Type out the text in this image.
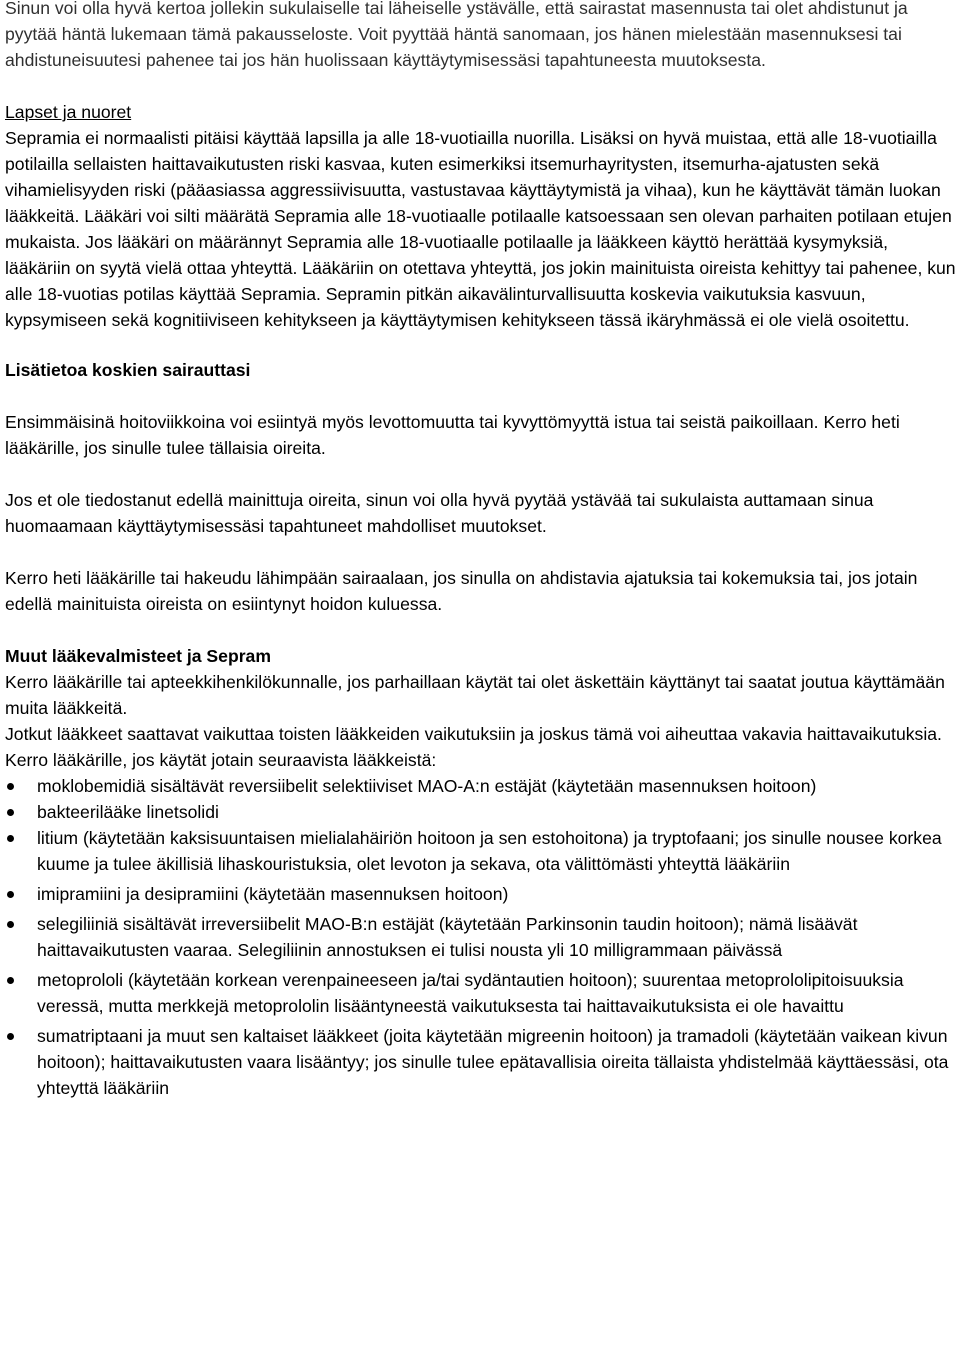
Sinun voi olla hyvä kertoa jollekin sukulaiselle tai läheiselle ystävälle, että sairastat masennusta tai olet ahdistunut ja pyytää häntä lukemaan tämä pakausseloste. Voit pyyttää häntä sanomaan, jos hänen mielestään masennuksesi tai ahdistuneisuutesi pahenee tai jos hän huolissaan käyttäytymisessäsi tapahtuneesta muutoksesta.

Lapset ja nuoret

Sepramia ei normaalisti pitäisi käyttää lapsilla ja alle 18-vuotiailla nuorilla. Lisäksi on hyvä muistaa, että alle 18-vuotiailla potilailla sellaisten haittavaikutusten riski kasvaa, kuten esimerkiksi itsemurhayritysten, itsemurha-ajatusten sekä vihamielisyyden riski (pääasiassa aggressiivisuutta, vastustavaa käyttäytymistä ja vihaa), kun he käyttävät tämän luokan lääkkeitä. Lääkäri voi silti määrätä Sepramia alle 18-vuotiaalle potilaalle katsoessaan sen olevan parhaiten potilaan etujen mukaista. Jos lääkäri on määrännyt Sepramia alle 18-vuotiaalle potilaalle ja lääkkeen käyttö herättää kysymyksiä, lääkäriin on syytä vielä ottaa yhteyttä. Lääkäriin on otettava yhteyttä, jos jokin mainituista oireista kehittyy tai pahenee, kun alle 18-vuotias potilas käyttää Sepramia. Sepramin pitkän aikavälinturvallisuutta koskevia vaikutuksia kasvuun, kypsymiseen sekä kognitiiviseen kehitykseen ja käyttäytymisen kehitykseen tässä ikäryhmässä ei ole vielä osoitettu.

Lisätietoa koskien sairauttasi

Ensimmäisinä hoitoviikkoina voi esiintyä myös levottomuutta tai kyvyttömyyttä istua tai seistä paikoillaan. Kerro heti lääkärille, jos sinulle tulee tällaisia oireita.

Jos et ole tiedostanut edellä mainittuja oireita, sinun voi olla hyvä pyytää ystävää tai sukulaista auttamaan sinua huomaamaan käyttäytymisessäsi tapahtuneet mahdolliset muutokset.

Kerro heti lääkärille tai hakeudu lähimpään sairaalaan, jos sinulla on ahdistavia ajatuksia tai kokemuksia tai, jos jotain edellä mainituista oireista on esiintynyt hoidon kuluessa.

Muut lääkevalmisteet ja Sepram

Kerro lääkärille tai apteekkihenkilökunnalle, jos parhaillaan käytät tai olet äskettäin käyttänyt tai saatat joutua käyttämään muita lääkkeitä.

Jotkut lääkkeet saattavat vaikuttaa toisten lääkkeiden vaikutuksiin ja joskus tämä voi aiheuttaa vakavia haittavaikutuksia.

Kerro lääkärille, jos käytät jotain seuraavista lääkkeistä:

moklobemidiä sisältävät reversiibelit selektiiviset MAO-A:n estäjät (käytetään masennuksen hoitoon)
bakteerilääke linetsolidi
litium (käytetään kaksisuuntaisen mielialahäiriön hoitoon ja sen estohoitona) ja tryptofaani; jos sinulle nousee korkea kuume ja tulee äkillisiä lihaskouristuksia, olet levoton ja sekava, ota välittömästi yhteyttä lääkäriin
imipramiini ja desipramiini (käytetään masennuksen hoitoon)
selegiliiniä sisältävät irreversiibelit MAO-B:n estäjät (käytetään Parkinsonin taudin hoitoon); nämä lisäävät haittavaikutusten vaaraa. Selegiliinin annostuksen ei tulisi nousta yli 10 milligrammaan päivässä
metoprololi (käytetään korkean verenpaineeseen ja/tai sydäntautien hoitoon); suurentaa metoprololipitoisuuksia veressä, mutta merkkejä metoprololin lisääntyneestä vaikutuksesta tai haittavaikutuksista ei ole havaittu
sumatriptaani ja muut sen kaltaiset lääkkeet (joita käytetään migreenin hoitoon) ja tramadoli (käytetään vaikean kivun hoitoon); haittavaikutusten vaara lisääntyy; jos sinulle tulee epätavallisia oireita tällaista yhdistelmää käyttäessäsi, ota yhteyttä lääkäriin
